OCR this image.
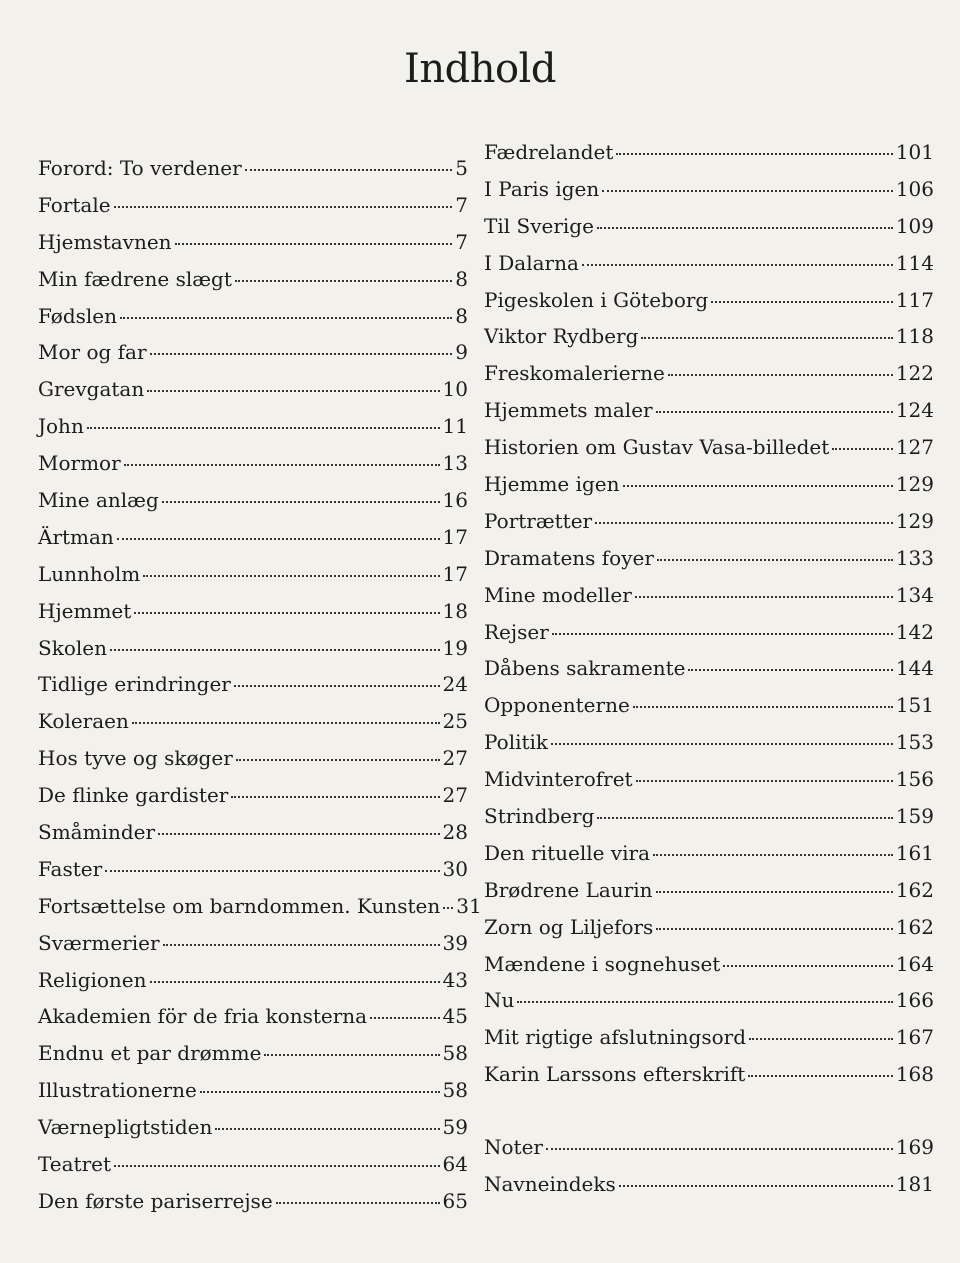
Indhold
Forord: To verdener	5
Fortale	7
Hjemstavnen	7
Min fædrene slægt	8
Fødslen	8
Mor og far	9
Grevgatan	10
John	11
Mormor	13
Mine anlæg	16
Ärtman	17
Lunnholm	17
Hjemmet	18
Skolen	19
Tidlige erindringer	24
Koleraen	25
Hos tyve og skøger	27
De flinke gardister	27
Småminder	28
Faster	30
Fortsættelse om barndommen. Kunsten 31
Sværmerier	39
Religionen	43
Akademien för de fria konsterna	45
Endnu et par drømme	58
Illustrationerne	58
Værnepligtstiden	59
Teatret	64
Den første pariserrejse	65
Fædrelandet	101
I Paris igen	106
Til Sverige	109
I Dalarna	114
Pigeskolen i Göteborg	117
Viktor Rydberg	118
Freskomalerierne	122
Hjemmets maler	124
Historien om Gustav Vasa-billedet	127
Hjemme igen	129
Portrætter	129
Dramatens foyer	133
Mine modeller	134
Rejser	142
Dåbens sakramente	144
Opponenterne	151
Politik	153
Midvinterofret	156
Strindberg	159
Den rituelle vira	161
Brødrene Laurin	162
Zorn og Liljefors	162
Mændene i sognehuset	164
Nu	166
Mit rigtige afslutningsord	167
Karin Larssons efterskrift	168
Noter	169
Navneindeks	181
